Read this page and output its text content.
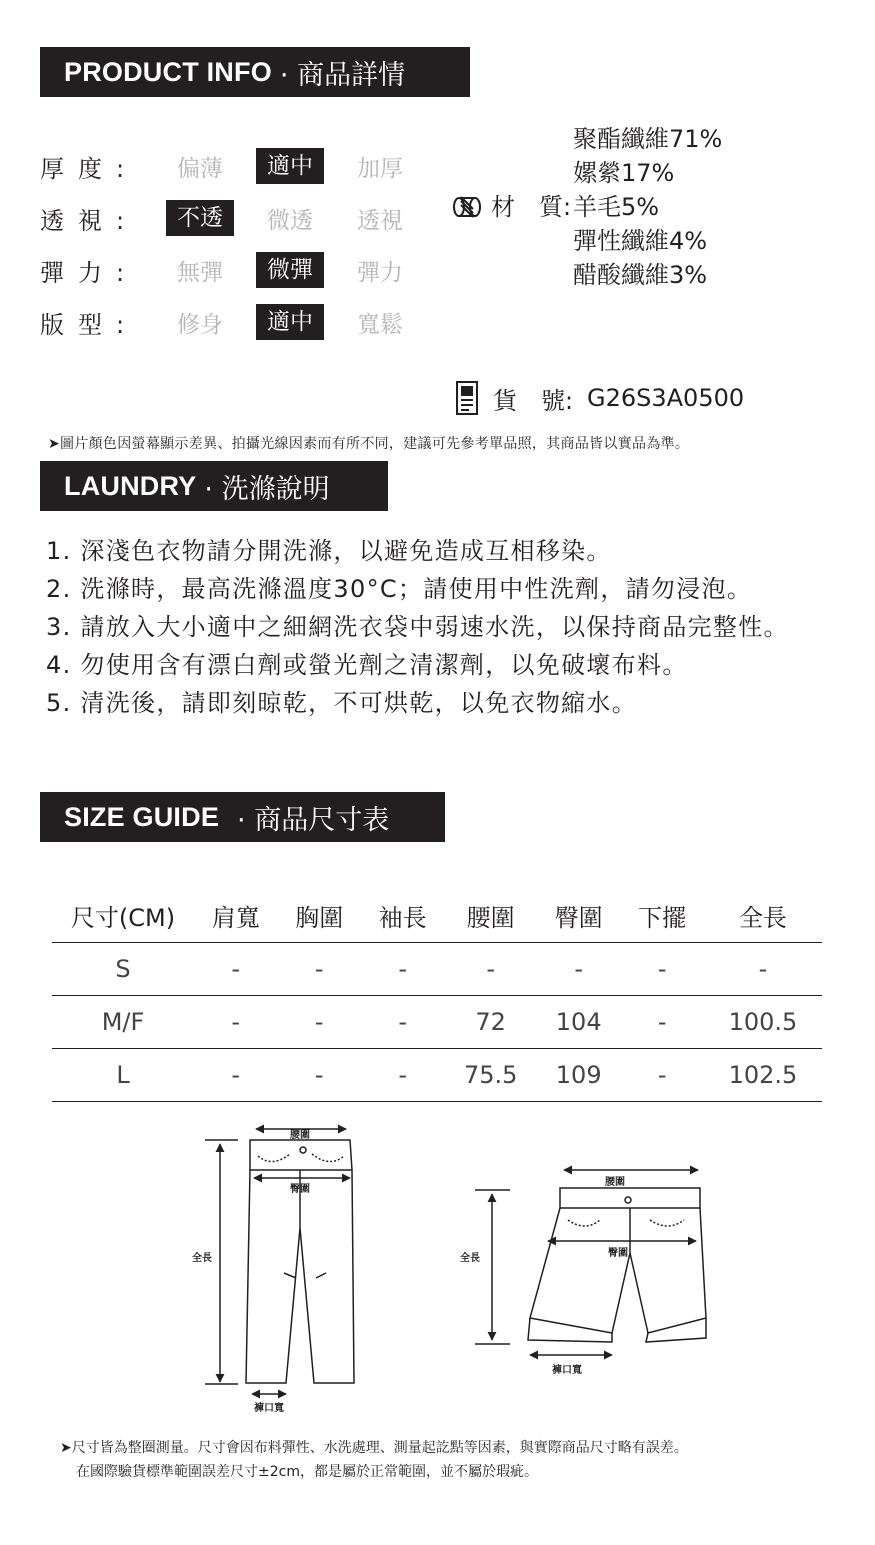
PRODUCT INFO · 商品詳情
厚度:	偏薄	適中	加厚
透視:	不透	微透	透視
彈力:	無彈	微彈	彈力
版型:	修身	適中	寬鬆
材　質:
聚酯纖維71%
嫘縈17%
羊毛5%
彈性纖維4%
醋酸纖維3%
貨　號: G26S3A0500
➤圖片顏色因螢幕顯示差異、拍攝光線因素而有所不同，建議可先參考單品照，其商品皆以實品為準。
LAUNDRY · 洗滌說明
1. 深淺色衣物請分開洗滌，以避免造成互相移染。
2. 洗滌時，最高洗滌溫度30°C；請使用中性洗劑，請勿浸泡。
3. 請放入大小適中之細網洗衣袋中弱速水洗，以保持商品完整性。
4. 勿使用含有漂白劑或螢光劑之清潔劑，以免破壞布料。
5. 清洗後，請即刻晾乾，不可烘乾，以免衣物縮水。
SIZE GUIDE · 商品尺寸表
尺寸(CM)	肩寬	胸圍	袖長	腰圍	臀圍	下擺	全長
S	-	-	-	-	-	-	-
M/F	-	-	-	72	104	-	100.5
L	-	-	-	75.5	109	-	102.5
腰圍
臀圍
全長
褲口寬
腰圍
臀圍
全長
褲口寬
➤尺寸皆為整圈測量。尺寸會因布料彈性、水洗處理、測量起訖點等因素，與實際商品尺寸略有誤差。
在國際驗貨標準範圍誤差尺寸±2cm，都是屬於正常範圍，並不屬於瑕疵。
